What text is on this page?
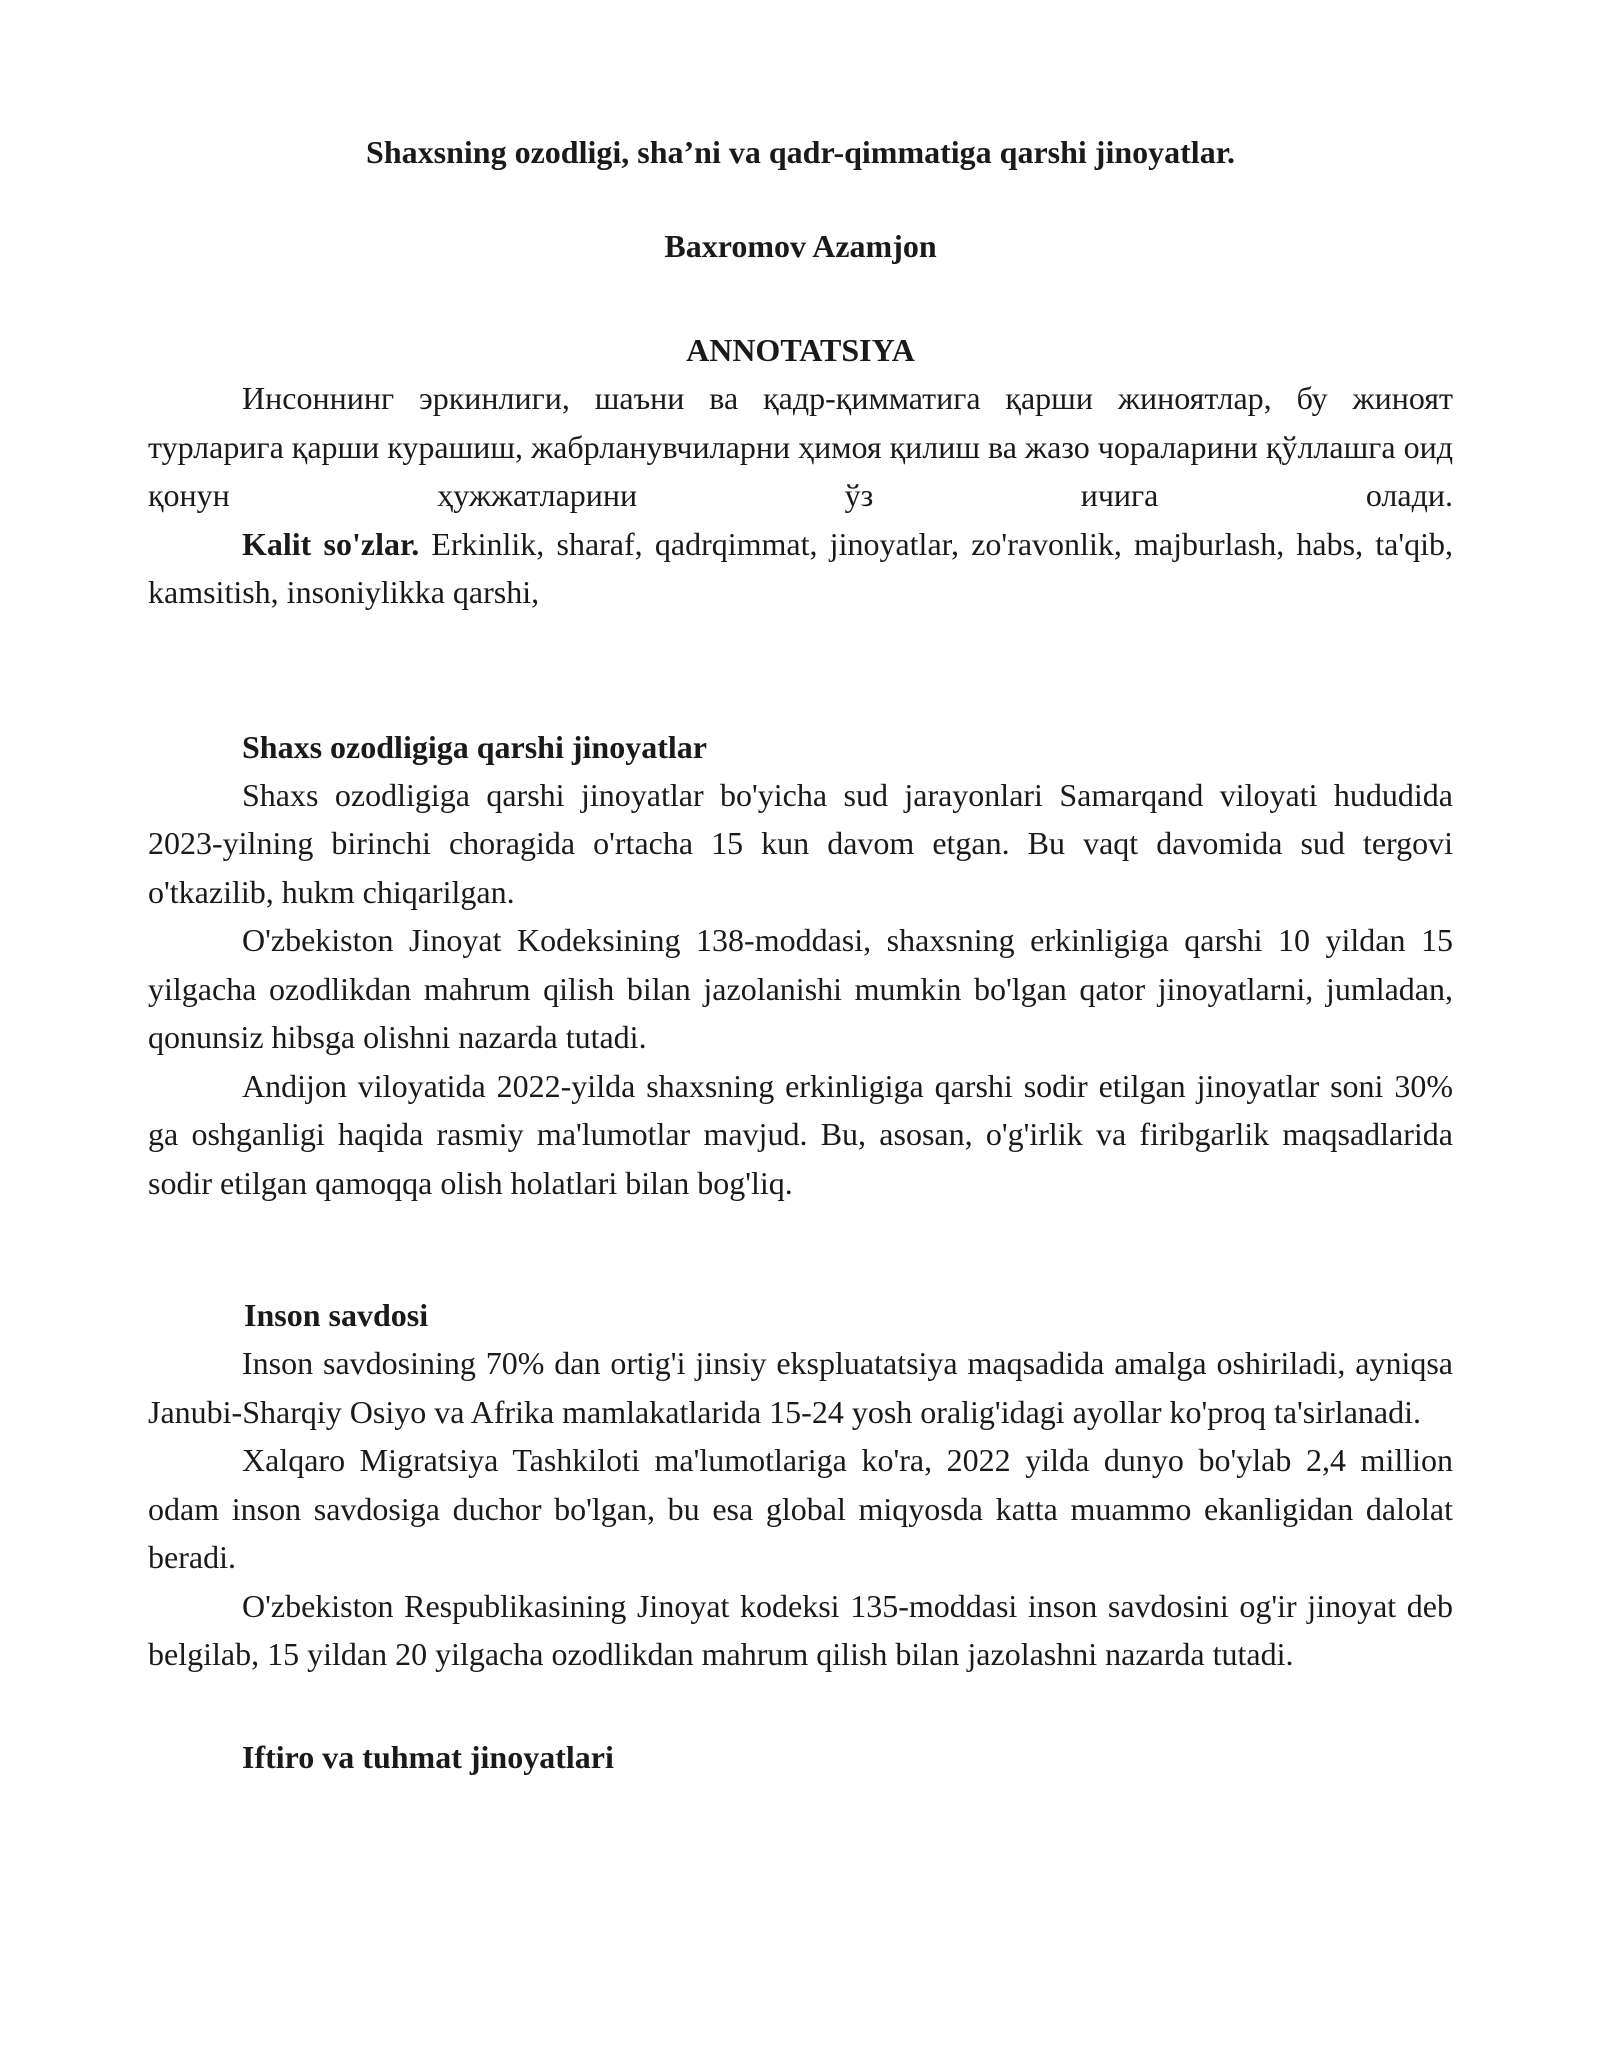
Shaxsning ozodligi, sha’ni va qadr-qimmatiga qarshi jinoyatlar.
Baxromov Azamjon
ANNOTATSIYA

Инсоннинг эркинлиги, шаъни ва қадр-қимматига қарши жиноятлар, бу жиноят турларига қарши курашиш, жабрланувчиларни ҳимоя қилиш ва жазо чораларини қўллашга оид қонун ҳужжатларини ўз ичига олади.

Kalit so'zlar. Erkinlik, sharaf, qadrqimmat, jinoyatlar, zo'ravonlik, majburlash, habs, ta'qib, kamsitish, insoniylikka qarshi,

Shaxs ozodligiga qarshi jinoyatlar

Shaxs ozodligiga qarshi jinoyatlar bo'yicha sud jarayonlari Samarqand viloyati hududida 2023-yilning birinchi choragida o'rtacha 15 kun davom etgan. Bu vaqt davomida sud tergovi o'tkazilib, hukm chiqarilgan.

O'zbekiston Jinoyat Kodeksining 138-moddasi, shaxsning erkinligiga qarshi 10 yildan 15 yilgacha ozodlikdan mahrum qilish bilan jazolanishi mumkin bo'lgan qator jinoyatlarni, jumladan, qonunsiz hibsga olishni nazarda tutadi.

Andijon viloyatida 2022-yilda shaxsning erkinligiga qarshi sodir etilgan jinoyatlar soni 30% ga oshganligi haqida rasmiy ma'lumotlar mavjud. Bu, asosan, o'g'irlik va firibgarlik maqsadlarida sodir etilgan qamoqqa olish holatlari bilan bog'liq.

Inson savdosi

Inson savdosining 70% dan ortig'i jinsiy ekspluatatsiya maqsadida amalga oshiriladi, ayniqsa Janubi-Sharqiy Osiyo va Afrika mamlakatlarida 15-24 yosh oralig'idagi ayollar ko'proq ta'sirlanadi.

Xalqaro Migratsiya Tashkiloti ma'lumotlariga ko'ra, 2022 yilda dunyo bo'ylab 2,4 million odam inson savdosiga duchor bo'lgan, bu esa global miqyosda katta muammo ekanligidan dalolat beradi.

O'zbekiston Respublikasining Jinoyat kodeksi 135-moddasi inson savdosini og'ir jinoyat deb belgilab, 15 yildan 20 yilgacha ozodlikdan mahrum qilish bilan jazolashni nazarda tutadi.

Iftiro va tuhmat jinoyatlari
